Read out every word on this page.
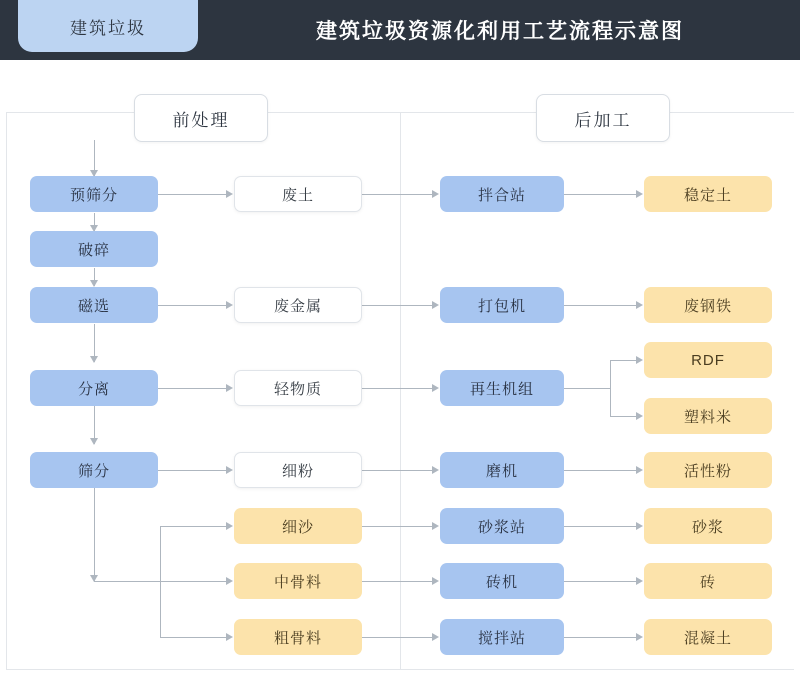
建筑垃圾	建筑垃圾资源化利用工艺流程示意图
前处理	后加工
预筛分
破碎
磁选
分离
筛分
废土
废金属
轻物质
细粉
细沙
中骨料
粗骨料
拌合站
打包机
再生机组
磨机
砂浆站
砖机
搅拌站
稳定土
废钢铁
RDF
塑料米
活性粉
砂浆
砖
混凝土
